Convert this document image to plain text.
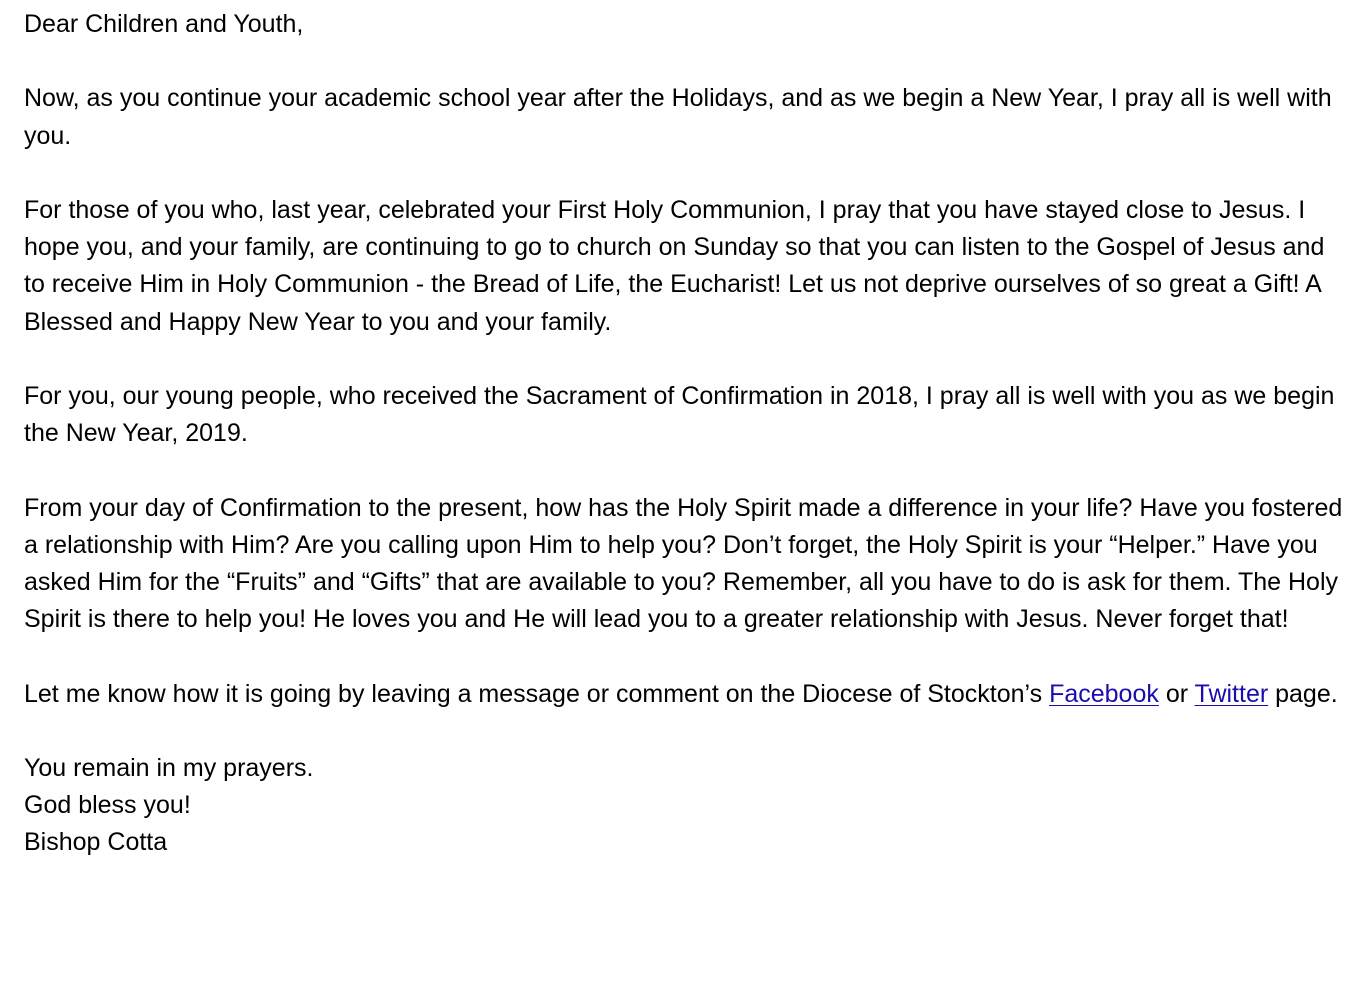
Dear Children and Youth,

Now, as you continue your academic school year after the Holidays, and as we begin a New Year, I pray all is well with you.

For those of you who, last year, celebrated your First Holy Communion, I pray that you have stayed close to Jesus. I hope you, and your family, are continuing to go to church on Sunday so that you can listen to the Gospel of Jesus and to receive Him in Holy Communion - the Bread of Life, the Eucharist! Let us not deprive ourselves of so great a Gift! A Blessed and Happy New Year to you and your family.

For you, our young people, who received the Sacrament of Confirmation in 2018, I pray all is well with you as we begin the New Year, 2019.

From your day of Confirmation to the present, how has the Holy Spirit made a difference in your life? Have you fostered a relationship with Him? Are you calling upon Him to help you? Don’t forget, the Holy Spirit is your “Helper.” Have you asked Him for the “Fruits” and “Gifts” that are available to you? Remember, all you have to do is ask for them. The Holy Spirit is there to help you! He loves you and He will lead you to a greater relationship with Jesus. Never forget that!

Let me know how it is going by leaving a message or comment on the Diocese of Stockton’s Facebook or Twitter page.

You remain in my prayers.
God bless you!
Bishop Cotta
